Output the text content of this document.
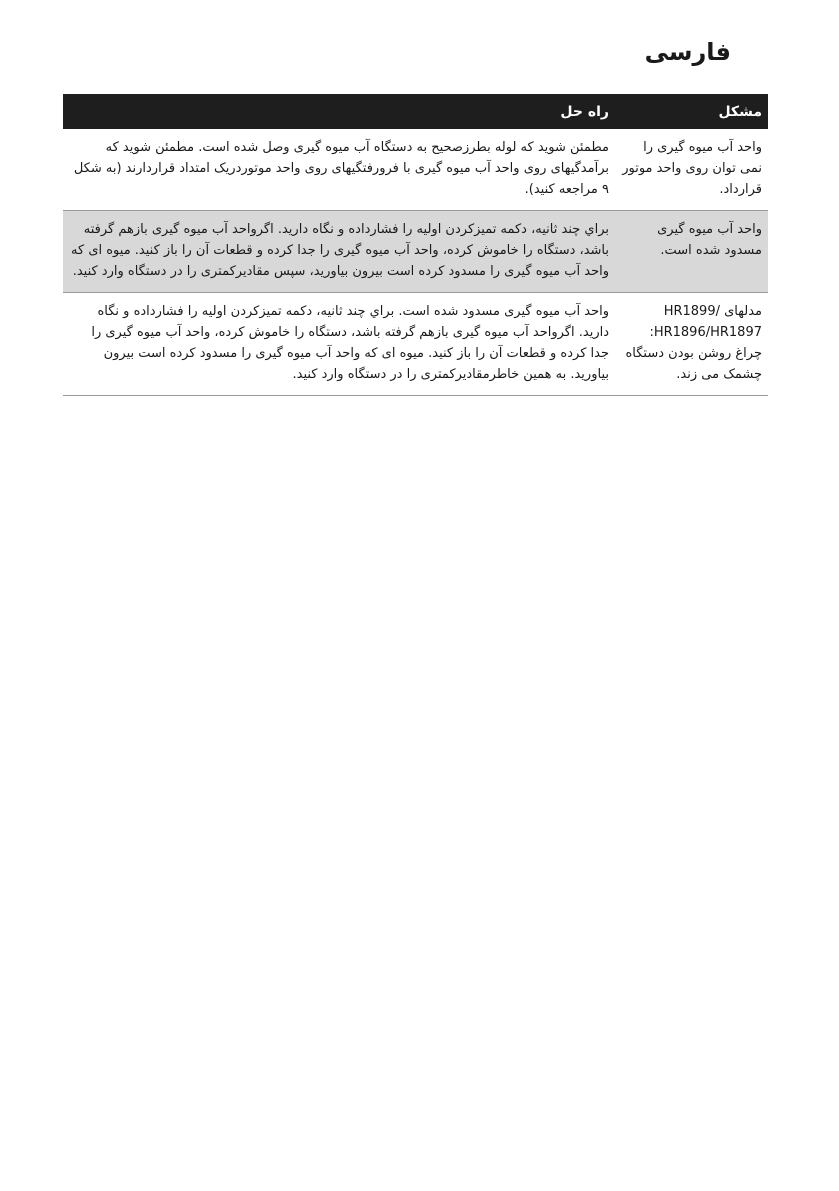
فارسی
مشکل	راه حل
واحد آب میوه گیری را نمی توان روی واحد موتور قرارداد.	مطمئن شوید که لوله بطرزصحیح به دستگاه آب میوه گیری وصل شده است. مطمئن شوید که برآمدگیهای روی واحد آب میوه گیری با فرورفتگیهای روی واحد موتوردریک امتداد قراردارند (به شکل ۹ مراجعه کنید).
واحد آب میوه گیری مسدود شده است.	براي چند ثانيه، دكمه تميزكردن اوليه را فشارداده و نگاه داريد. اگرواحد آب ميوه گيری بازهم گرفته باشد، دستگاه را خاموش کرده، واحد آب میوه گیری را جدا کرده و قطعات آن را باز کنید. میوه ای که واحد آب میوه گیری را مسدود کرده است بیرون بیاورید، سپس مقادیرکمتری را در دستگاه وارد کنید.
مدلهای HR1899/ HR1896/HR1897: چراغ روشن بودن دستگاه چشمک می زند.	واحد آب میوه گیری مسدود شده است. براي چند ثانيه، دكمه تميزكردن اوليه را فشارداده و نگاه داريد. اگرواحد آب ميوه گيری بازهم گرفته باشد، دستگاه را خاموش کرده، واحد آب میوه گیری را جدا کرده و قطعات آن را باز کنید. میوه ای که واحد آب میوه گیری را مسدود کرده است بیرون بیاورید. به همین خاطرمقادیرکمتری را در دستگاه وارد کنید.
